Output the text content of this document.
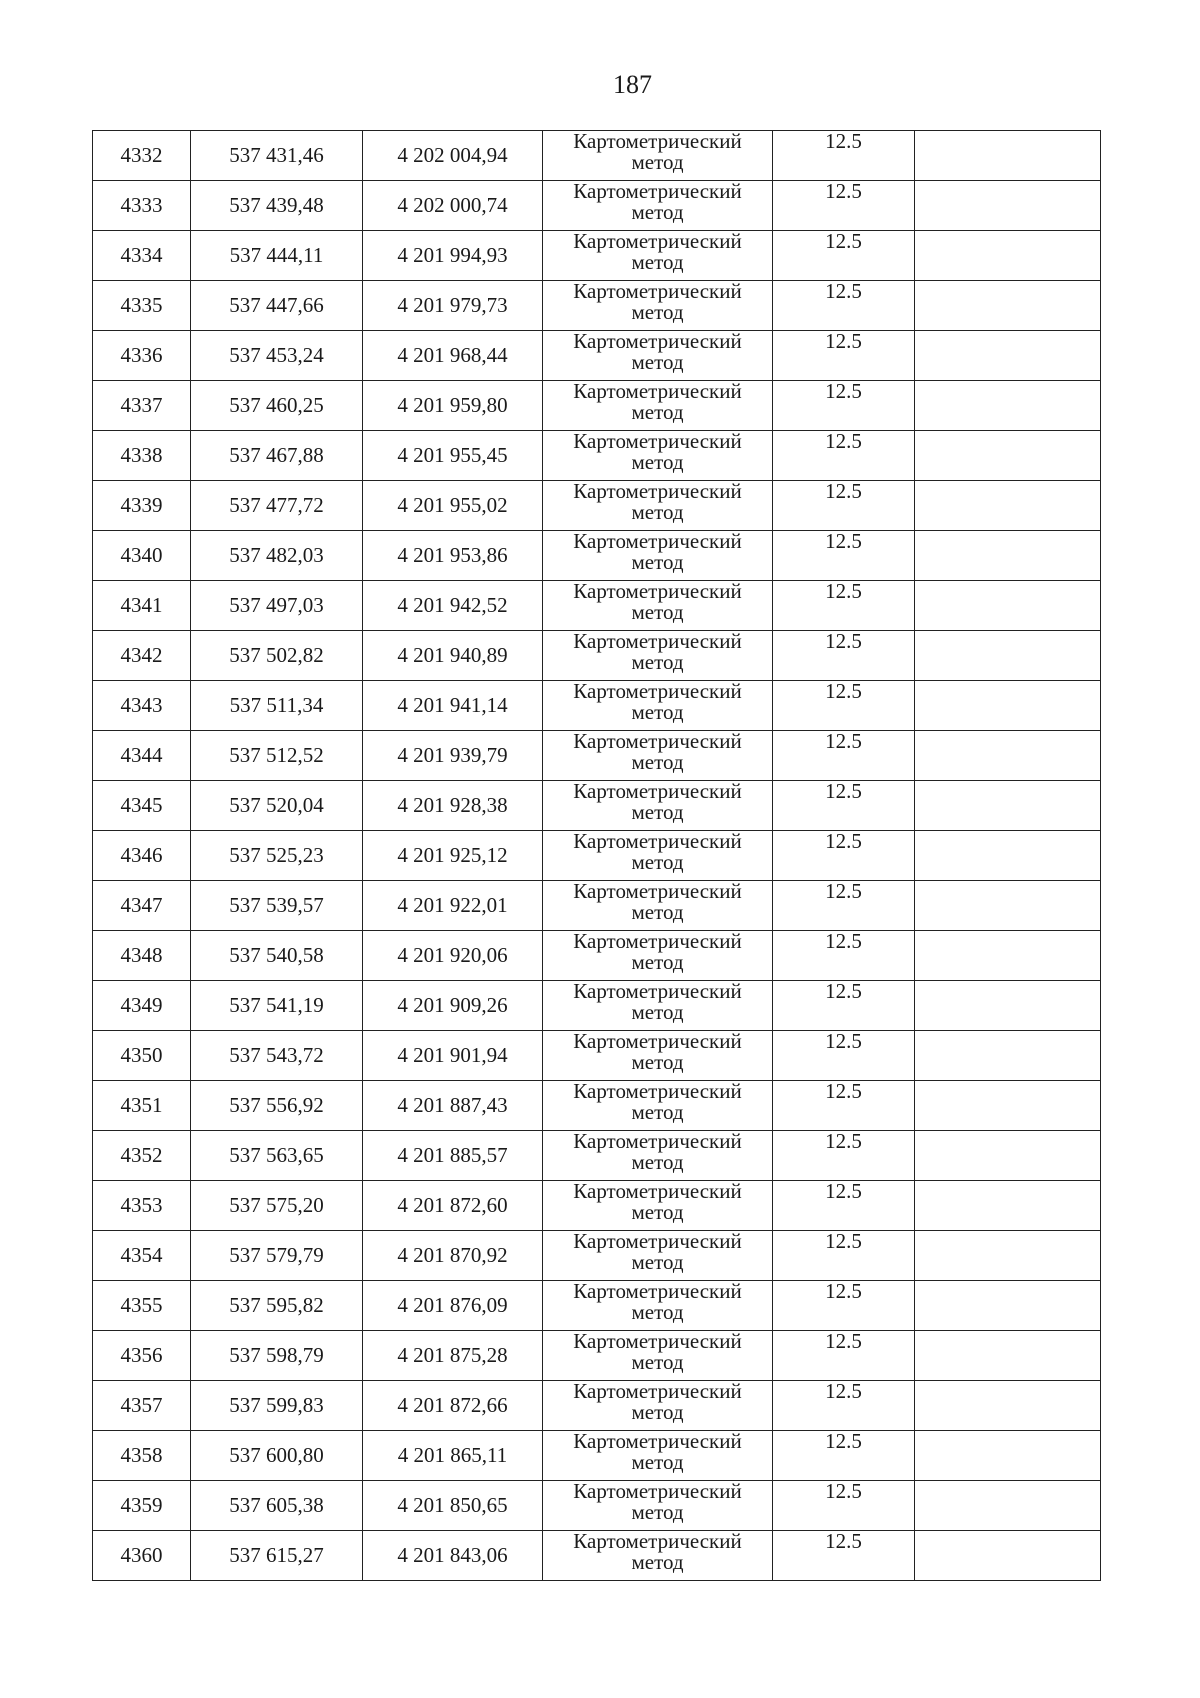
187
4332	537 431,46	4 202 004,94	Картометрический
метод	12.5	
4333	537 439,48	4 202 000,74	Картометрический
метод	12.5	
4334	537 444,11	4 201 994,93	Картометрический
метод	12.5	
4335	537 447,66	4 201 979,73	Картометрический
метод	12.5	
4336	537 453,24	4 201 968,44	Картометрический
метод	12.5	
4337	537 460,25	4 201 959,80	Картометрический
метод	12.5	
4338	537 467,88	4 201 955,45	Картометрический
метод	12.5	
4339	537 477,72	4 201 955,02	Картометрический
метод	12.5	
4340	537 482,03	4 201 953,86	Картометрический
метод	12.5	
4341	537 497,03	4 201 942,52	Картометрический
метод	12.5	
4342	537 502,82	4 201 940,89	Картометрический
метод	12.5	
4343	537 511,34	4 201 941,14	Картометрический
метод	12.5	
4344	537 512,52	4 201 939,79	Картометрический
метод	12.5	
4345	537 520,04	4 201 928,38	Картометрический
метод	12.5	
4346	537 525,23	4 201 925,12	Картометрический
метод	12.5	
4347	537 539,57	4 201 922,01	Картометрический
метод	12.5	
4348	537 540,58	4 201 920,06	Картометрический
метод	12.5	
4349	537 541,19	4 201 909,26	Картометрический
метод	12.5	
4350	537 543,72	4 201 901,94	Картометрический
метод	12.5	
4351	537 556,92	4 201 887,43	Картометрический
метод	12.5	
4352	537 563,65	4 201 885,57	Картометрический
метод	12.5	
4353	537 575,20	4 201 872,60	Картометрический
метод	12.5	
4354	537 579,79	4 201 870,92	Картометрический
метод	12.5	
4355	537 595,82	4 201 876,09	Картометрический
метод	12.5	
4356	537 598,79	4 201 875,28	Картометрический
метод	12.5	
4357	537 599,83	4 201 872,66	Картометрический
метод	12.5	
4358	537 600,80	4 201 865,11	Картометрический
метод	12.5	
4359	537 605,38	4 201 850,65	Картометрический
метод	12.5	
4360	537 615,27	4 201 843,06	Картометрический
метод	12.5	
